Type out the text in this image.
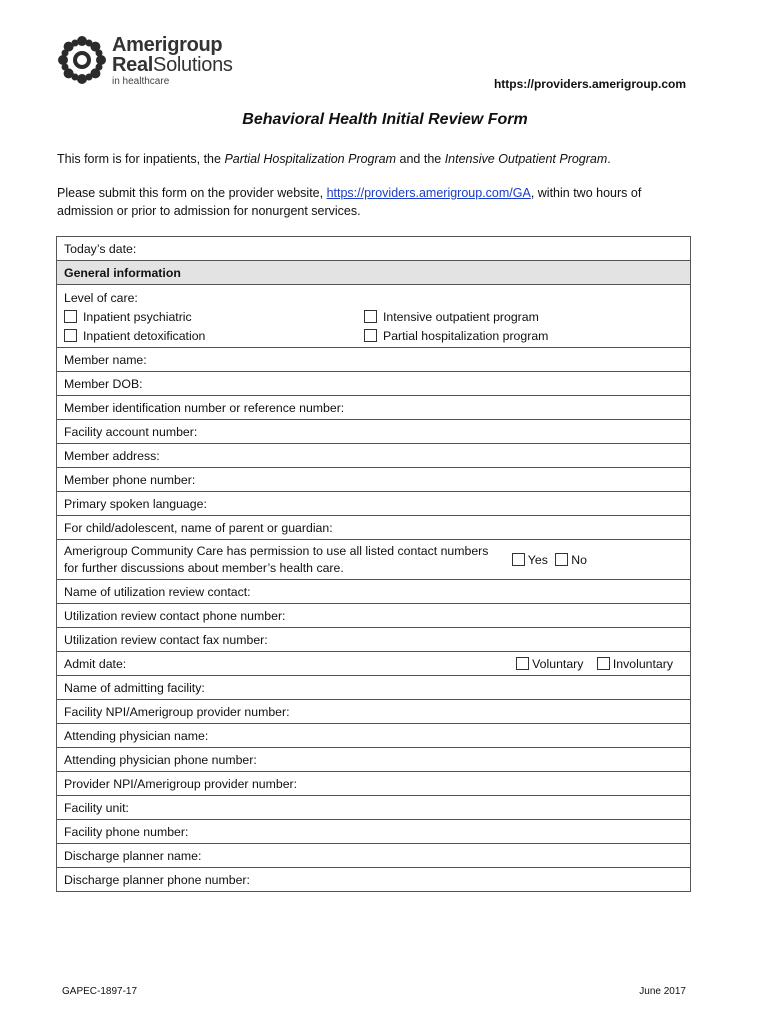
Amerigroup
RealSolutions
in healthcare	https://providers.amerigroup.com
Behavioral Health Initial Review Form
This form is for inpatients, the Partial Hospitalization Program and the Intensive Outpatient Program.
Please submit this form on the provider website, https://providers.amerigroup.com/GA, within two hours of admission or prior to admission for nonurgent services.
Today’s date:
General information

Level of care:
Inpatient psychiatric
Inpatient detoxification
Intensive outpatient program
Partial hospitalization program

Member name:
Member DOB:
Member identification number or reference number:
Facility account number:
Member address:
Member phone number:
Primary spoken language:
For child/adolescent, name of parent or guardian:

Amerigroup Community Care has permission to use all listed contact numbers
for further discussions about member’s health care.
Yes No

Name of utilization review contact:
Utilization review contact phone number:
Utilization review contact fax number:

Admit date:	Voluntary Involuntary

Name of admitting facility:
Facility NPI/Amerigroup provider number:
Attending physician name:
Attending physician phone number:
Provider NPI/Amerigroup provider number:
Facility unit:
Facility phone number:
Discharge planner name:
Discharge planner phone number:
GAPEC-1897-17	June 2017
